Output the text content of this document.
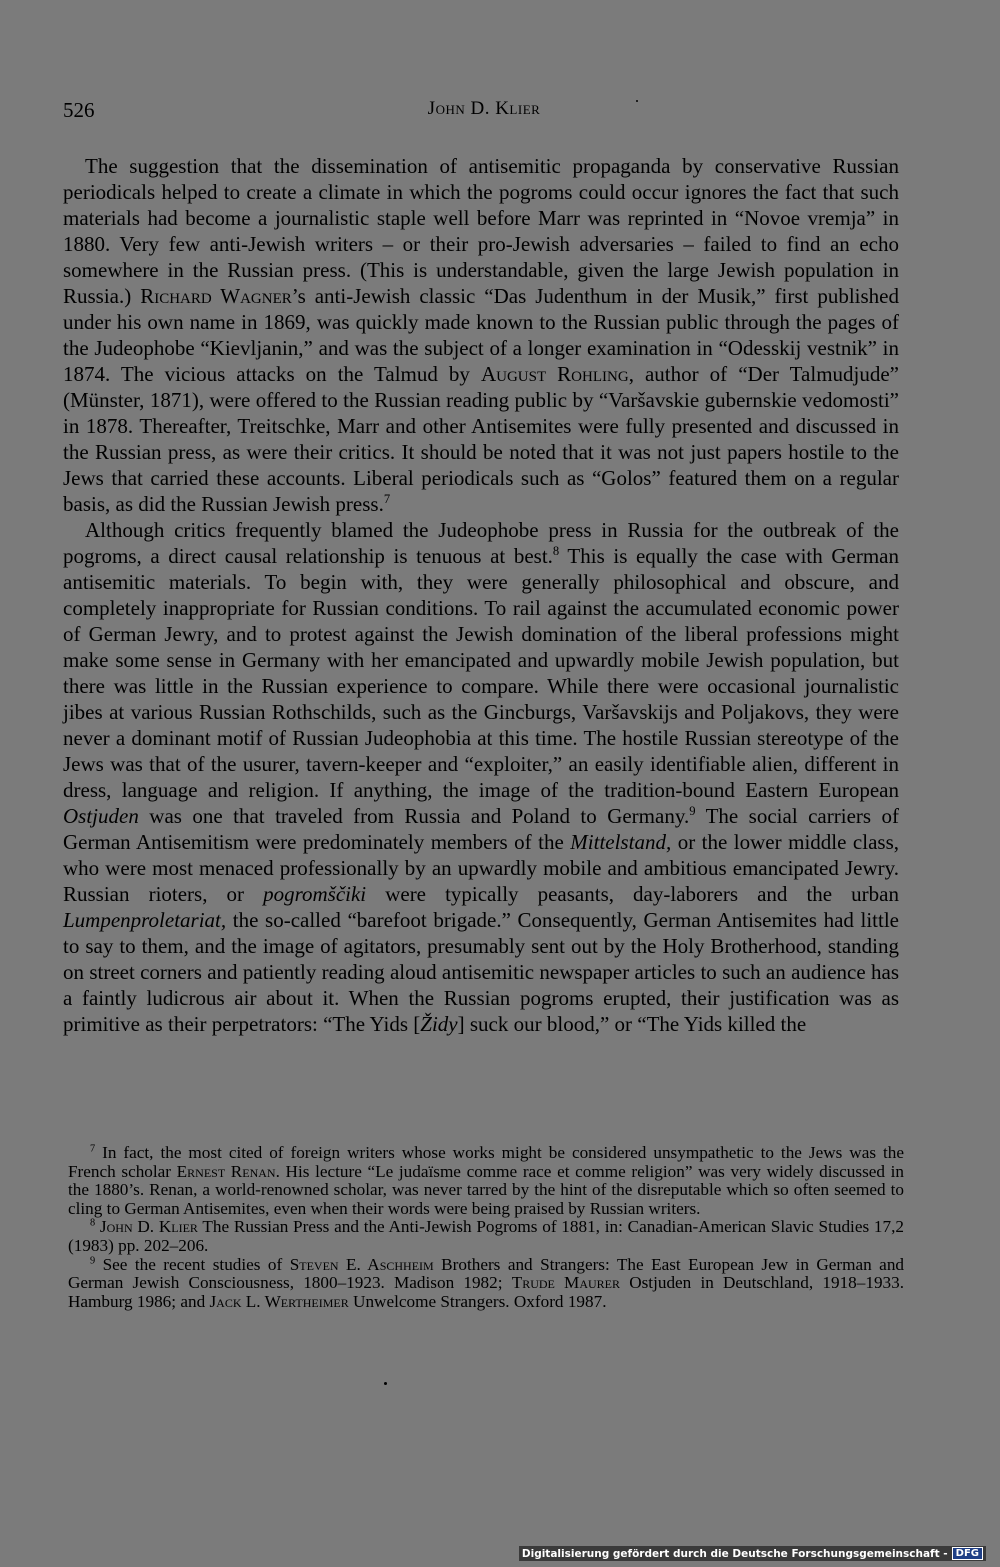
526	John D. Klier

The suggestion that the dissemination of antisemitic propaganda by conservative Russian periodicals helped to create a climate in which the pogroms could occur ignores the fact that such materials had become a journalistic staple well before Marr was reprinted in “Novoe vremja” in 1880. Very few anti-Jewish writers – or their pro-Jewish adversaries – failed to find an echo somewhere in the Russian press. (This is understandable, given the large Jewish population in Russia.) Richard Wagner’s anti-Jewish classic “Das Judenthum in der Musik,” first published under his own name in 1869, was quickly made known to the Russian public through the pages of the Judeophobe “Kievljanin,” and was the subject of a longer examination in “Odesskij vestnik” in 1874. The vicious attacks on the Talmud by August Rohling, author of “Der Talmudjude” (Münster, 1871), were offered to the Russian reading public by “Varšavskie gubernskie vedomosti” in 1878. Thereafter, Treitschke, Marr and other Antisemites were fully presented and discussed in the Russian press, as were their critics. It should be noted that it was not just papers hostile to the Jews that carried these accounts. Liberal periodicals such as “Golos” featured them on a regular basis, as did the Russian Jewish press.$^7$

Although critics frequently blamed the Judeophobe press in Russia for the outbreak of the pogroms, a direct causal relationship is tenuous at best.$^8$ This is equally the case with German antisemitic materials. To begin with, they were generally philosophical and obscure, and completely inappropriate for Russian conditions. To rail against the accumulated economic power of German Jewry, and to protest against the Jewish domination of the liberal professions might make some sense in Germany with her emancipated and upwardly mobile Jewish population, but there was little in the Russian experience to compare. While there were occasional journalistic jibes at various Russian Rothschilds, such as the Gincburgs, Varšavskijs and Poljakovs, they were never a dominant motif of Russian Judeophobia at this time. The hostile Russian stereotype of the Jews was that of the usurer, tavern-keeper and “exploiter,” an easily identifiable alien, different in dress, language and religion. If anything, the image of the tradition-bound Eastern European Ostjuden was one that traveled from Russia and Poland to Germany.$^9$ The social carriers of German Antisemitism were predominately members of the Mittelstand, or the lower middle class, who were most menaced professionally by an upwardly mobile and ambitious emancipated Jewry. Russian rioters, or pogromščiki were typically peasants, day-laborers and the urban Lumpenproletariat, the so-called “barefoot brigade.” Consequently, German Antisemites had little to say to them, and the image of agitators, presumably sent out by the Holy Brotherhood, standing on street corners and patiently reading aloud antisemitic newspaper articles to such an audience has a faintly ludicrous air about it. When the Russian pogroms erupted, their justification was as primitive as their perpetrators: “The Yids [Židy] suck our blood,” or “The Yids killed the

$^7$ In fact, the most cited of foreign writers whose works might be considered unsympathetic to the Jews was the French scholar Ernest Renan. His lecture “Le judaïsme comme race et comme religion” was very widely discussed in the 1880’s. Renan, a world-renowned scholar, was never tarred by the hint of the disreputable which so often seemed to cling to German Antisemites, even when their words were being praised by Russian writers.

$^8$ John D. Klier The Russian Press and the Anti-Jewish Pogroms of 1881, in: Canadian-American Slavic Studies 17,2 (1983) pp. 202–206.

$^9$ See the recent studies of Steven E. Aschheim Brothers and Strangers: The East European Jew in German and German Jewish Consciousness, 1800–1923. Madison 1982; Trude Maurer Ostjuden in Deutschland, 1918–1933. Hamburg 1986; and Jack L. Wertheimer Unwelcome Strangers. Oxford 1987.

Digitalisierung gefördert durch die Deutsche Forschungsgemeinschaft - DFG
